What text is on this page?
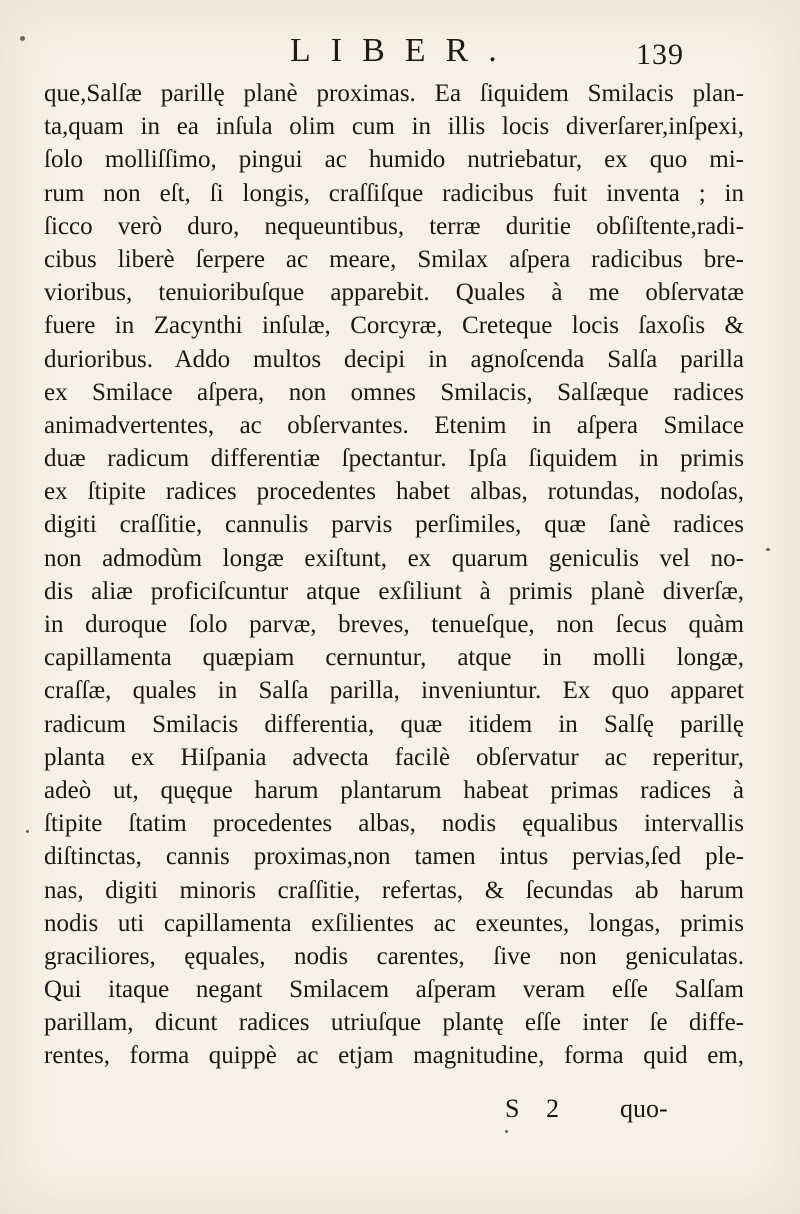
LIBER.	139
que,Salſæ parillę planè proximas. Ea ſiquidem Smilacis plan-
ta,quam in ea inſula olim cum in illis locis diverſarer,inſpexi,
ſolo molliſſimo, pingui ac humido nutriebatur, ex quo mi-
rum non eſt, ſi longis, craſſiſque radicibus fuit inventa ; in
ſicco verò duro, nequeuntibus, terræ duritie obſiſtente,radi-
cibus liberè ſerpere ac meare, Smilax aſpera radicibus bre-
vioribus, tenuioribuſque apparebit. Quales à me obſervatæ
fuere in Zacynthi inſulæ, Corcyræ, Creteque locis ſaxoſis &
durioribus. Addo multos decipi in agnoſcenda Salſa parilla
ex Smilace aſpera, non omnes Smilacis, Salſæque radices
animadvertentes, ac obſervantes. Etenim in aſpera Smilace
duæ radicum differentiæ ſpectantur. Ipſa ſiquidem in primis
ex ſtipite radices procedentes habet albas, rotundas, nodoſas,
digiti craſſitie, cannulis parvis perſimiles, quæ ſanè radices
non admodùm longæ exiſtunt, ex quarum geniculis vel no-
dis aliæ proficiſcuntur atque exſiliunt à primis planè diverſæ,
in duroque ſolo parvæ, breves, tenueſque, non ſecus quàm
capillamenta quæpiam cernuntur, atque in molli longæ,
craſſæ, quales in Salſa parilla, inveniuntur. Ex quo apparet
radicum Smilacis differentia, quæ itidem in Salſę parillę
planta ex Hiſpania advecta facilè obſervatur ac reperitur,
adeò ut, quęque harum plantarum habeat primas radices à
ſtipite ſtatim procedentes albas, nodis ęqualibus intervallis
diſtinctas, cannis proximas,non tamen intus pervias,ſed ple-
nas, digiti minoris craſſitie, refertas, & ſecundas ab harum
nodis uti capillamenta exſilientes ac exeuntes, longas, primis
graciliores, ęquales, nodis carentes, ſive non geniculatas.
Qui itaque negant Smilacem aſperam veram eſſe Salſam
parillam, dicunt radices utriuſque plantę eſſe inter ſe diffe-
rentes, forma quippè ac etjam magnitudine, forma quid em,
S 2 quo-
